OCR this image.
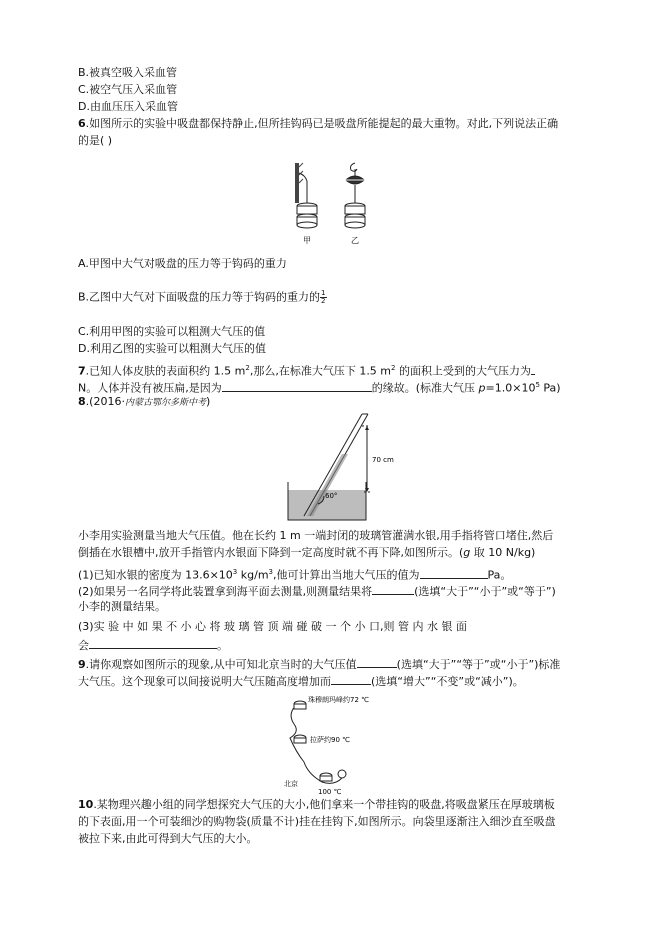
B.被真空吸入采血管
C.被空气压入采血管
D.由血压压入采血管
6.如图所示的实验中吸盘都保持静止,但所挂钩码已是吸盘所能提起的最大重物。对此,下列说法正确
的是( )
甲	乙
A.甲图中大气对吸盘的压力等于钩码的重力
B.乙图中大气对下面吸盘的压力等于钩码的重力的 $\frac{1}{2}$
C.利用甲图的实验可以粗测大气压的值
D.利用乙图的实验可以粗测大气压的值
7.已知人体皮肤的表面积约 1.5 $m^2$,那么,在标准大气压下 1.5 $m^2$ 的面积上受到的大气压力为
N。人体并没有被压扁,是因为	的缘故。(标准大气压 $p=1.0\times 10^5$ Pa)
8.(2016·内蒙古鄂尔多斯中考)
60°
70 cm
小李用实验测量当地大气压值。他在长约 1 m 一端封闭的玻璃管灌满水银,用手指将管口堵住,然后
倒插在水银槽中,放开手指管内水银面下降到一定高度时就不再下降,如图所示。(g 取 10 N/kg)
(1)已知水银的密度为 $13.6\times 10^3$ $kg/m^3$,他可计算出当地大气压的值为	Pa。
(2)如果另一名同学将此装置拿到海平面去测量,则测量结果将	(选填“大于”“小于”或“等于”)
小李的测量结果。
(3)实 验 中 如 果 不 小 心 将 玻 璃 管 顶 端 碰 破 一 个 小 口,则 管 内 水 银 面
会	。
9.请你观察如图所示的现象,从中可知北京当时的大气压值	(选填“大于”“等于”或“小于”)标准
大气压。这个现象可以间接说明大气压随高度增加而	(选填“增大”“不变”或“减小”)。
珠穆朗玛峰约72 ℃
拉萨约90 ℃
北京
100 ℃
10.某物理兴趣小组的同学想探究大气压的大小,他们拿来一个带挂钩的吸盘,将吸盘紧压在厚玻璃板
的下表面,用一个可装细沙的购物袋(质量不计)挂在挂钩下,如图所示。向袋里逐渐注入细沙直至吸盘
被拉下来,由此可得到大气压的大小。
